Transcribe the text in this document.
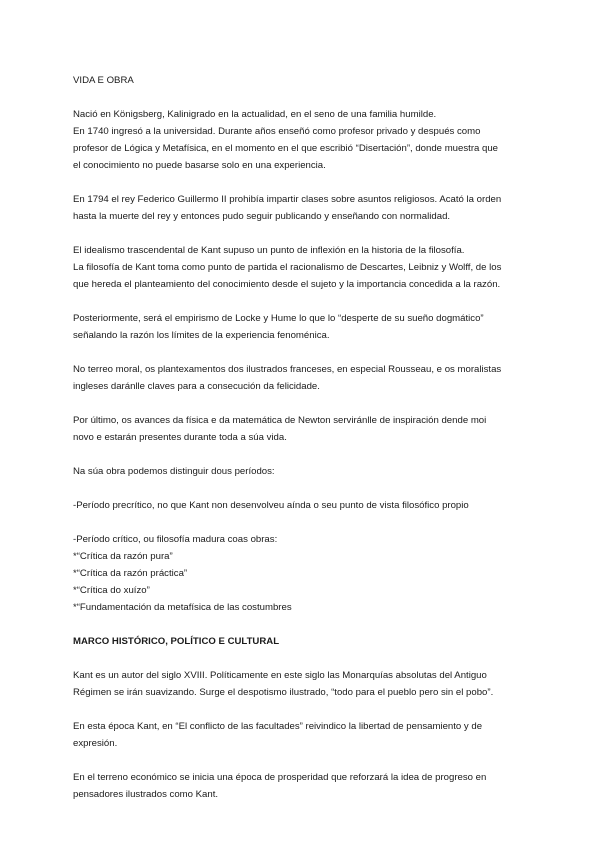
VIDA E OBRA

Nació en Königsberg, Kalinigrado en la actualidad, en el seno de una familia humilde.
En 1740 ingresó a la universidad. Durante años enseñó como profesor privado y después como
profesor de Lógica y Metafísica, en el momento en el que escribió “Disertación”, donde muestra que
el conocimiento no puede basarse solo en una experiencia.

En 1794 el rey Federico Guillermo II prohibía impartir clases sobre asuntos religiosos. Acató la orden
hasta la muerte del rey y entonces pudo seguir publicando y enseñando con normalidad.

El idealismo trascendental de Kant supuso un punto de inflexión en la historia de la filosofía.
La filosofía de Kant toma como punto de partida el racionalismo de Descartes, Leibniz y Wolff, de los
que hereda el planteamiento del conocimiento desde el sujeto y la importancia concedida a la razón.

Posteriormente, será el empirismo de Locke y Hume lo que lo “desperte de su sueño dogmático”
señalando la razón los límites de la experiencia fenoménica.

No terreo moral, os plantexamentos dos ilustrados franceses, en especial Rousseau, e os moralistas
ingleses daránlle claves para a consecución da felicidade.

Por último, os avances da física e da matemática de Newton serviránlle de inspiración dende moi
novo e estarán presentes durante toda a súa vida.

Na súa obra podemos distinguir dous períodos:

-Período precrítico, no que Kant non desenvolveu aínda o seu punto de vista filosófico propio

-Período crítico, ou filosofía madura coas obras:
*“Crítica da razón pura”
*“Crítica da razón práctica”
*“Crítica do xuízo”
*“Fundamentación da metafísica de las costumbres

MARCO HISTÓRICO, POLÍTICO E CULTURAL

Kant es un autor del siglo XVIII. Políticamente en este siglo las Monarquías absolutas del Antiguo
Régimen se irán suavizando. Surge el despotismo ilustrado, “todo para el pueblo pero sin el pobo”.

En esta época Kant, en “El conflicto de las facultades” reivindico la libertad de pensamiento y de
expresión.

En el terreno económico se inicia una época de prosperidad que reforzará la idea de progreso en
pensadores ilustrados como Kant.
